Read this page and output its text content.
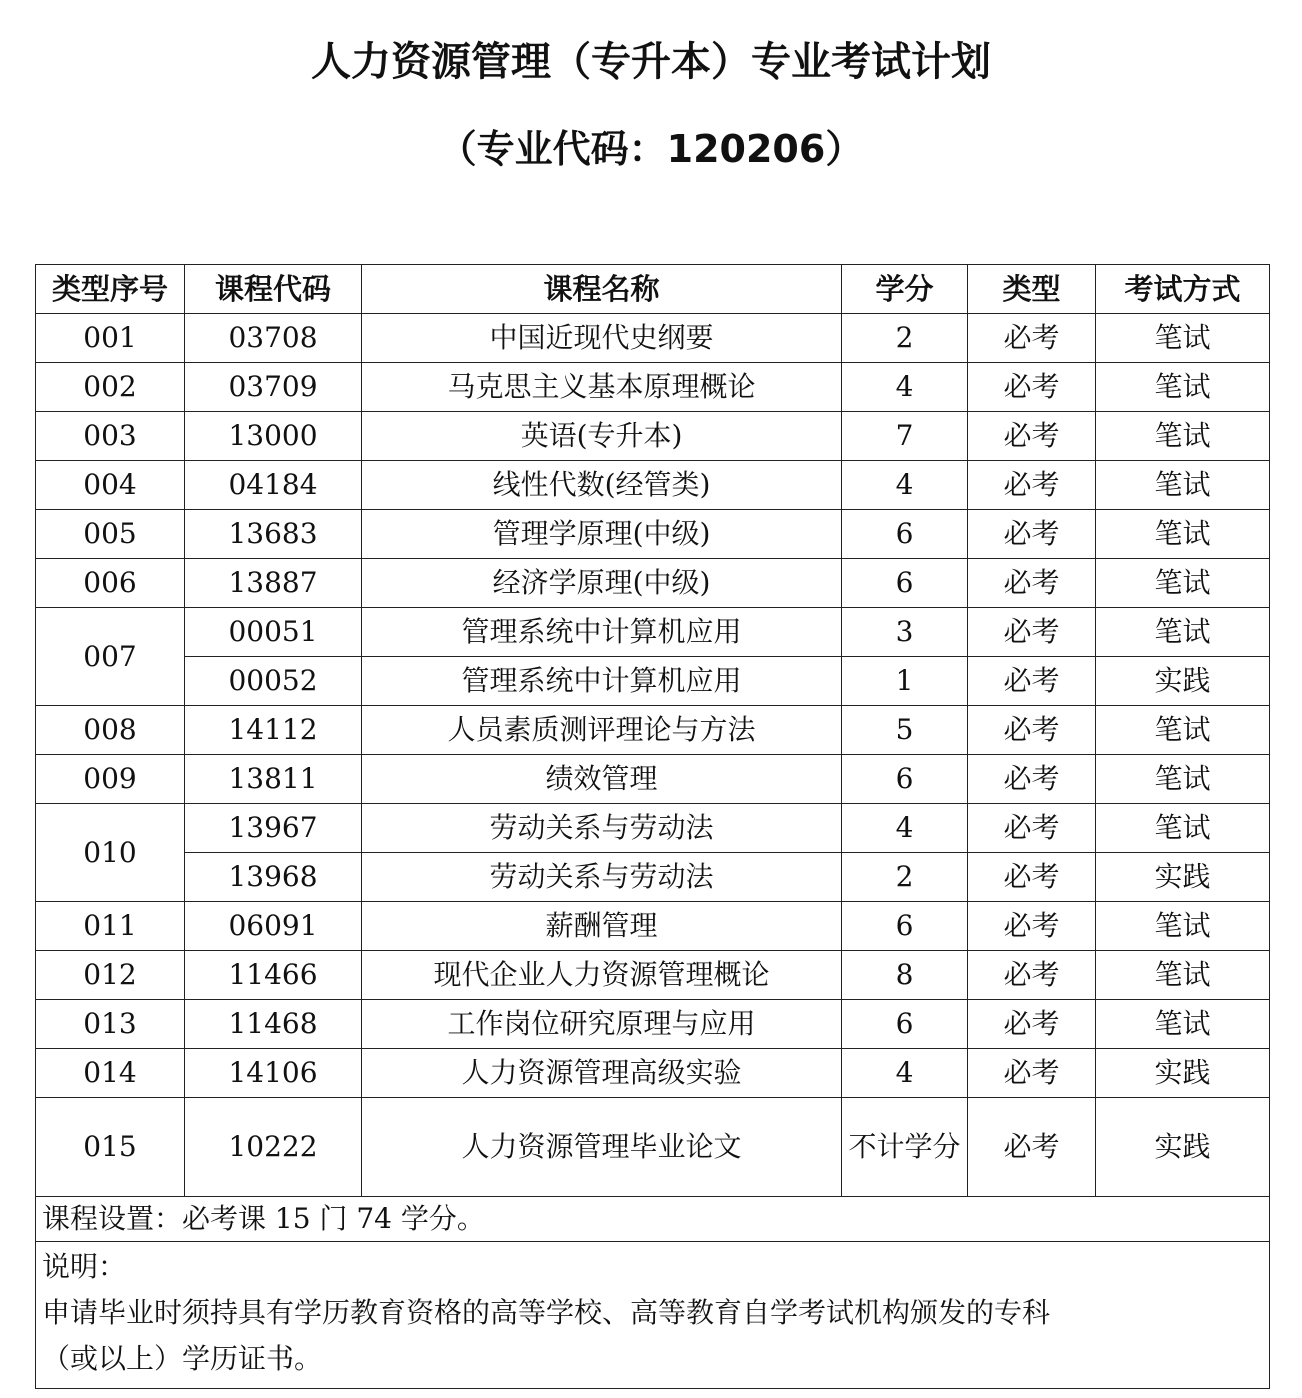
人力资源管理（专升本）专业考试计划
（专业代码：120206）
类型序号	课程代码	课程名称	学分	类型	考试方式
001	03708	中国近现代史纲要	2	必考	笔试
002	03709	马克思主义基本原理概论	4	必考	笔试
003	13000	英语(专升本)	7	必考	笔试
004	04184	线性代数(经管类)	4	必考	笔试
005	13683	管理学原理(中级)	6	必考	笔试
006	13887	经济学原理(中级)	6	必考	笔试
007	00051	管理系统中计算机应用	3	必考	笔试
	00052	管理系统中计算机应用	1	必考	实践
008	14112	人员素质测评理论与方法	5	必考	笔试
009	13811	绩效管理	6	必考	笔试
010	13967	劳动关系与劳动法	4	必考	笔试
	13968	劳动关系与劳动法	2	必考	实践
011	06091	薪酬管理	6	必考	笔试
012	11466	现代企业人力资源管理概论	8	必考	笔试
013	11468	工作岗位研究原理与应用	6	必考	笔试
014	14106	人力资源管理高级实验	4	必考	实践
015	10222	人力资源管理毕业论文	不计学分	必考	实践
课程设置：必考课 15 门 74 学分。					

说明：
申请毕业时须持具有学历教育资格的高等学校、高等教育自学考试机构颁发的专科
（或以上）学历证书。					
